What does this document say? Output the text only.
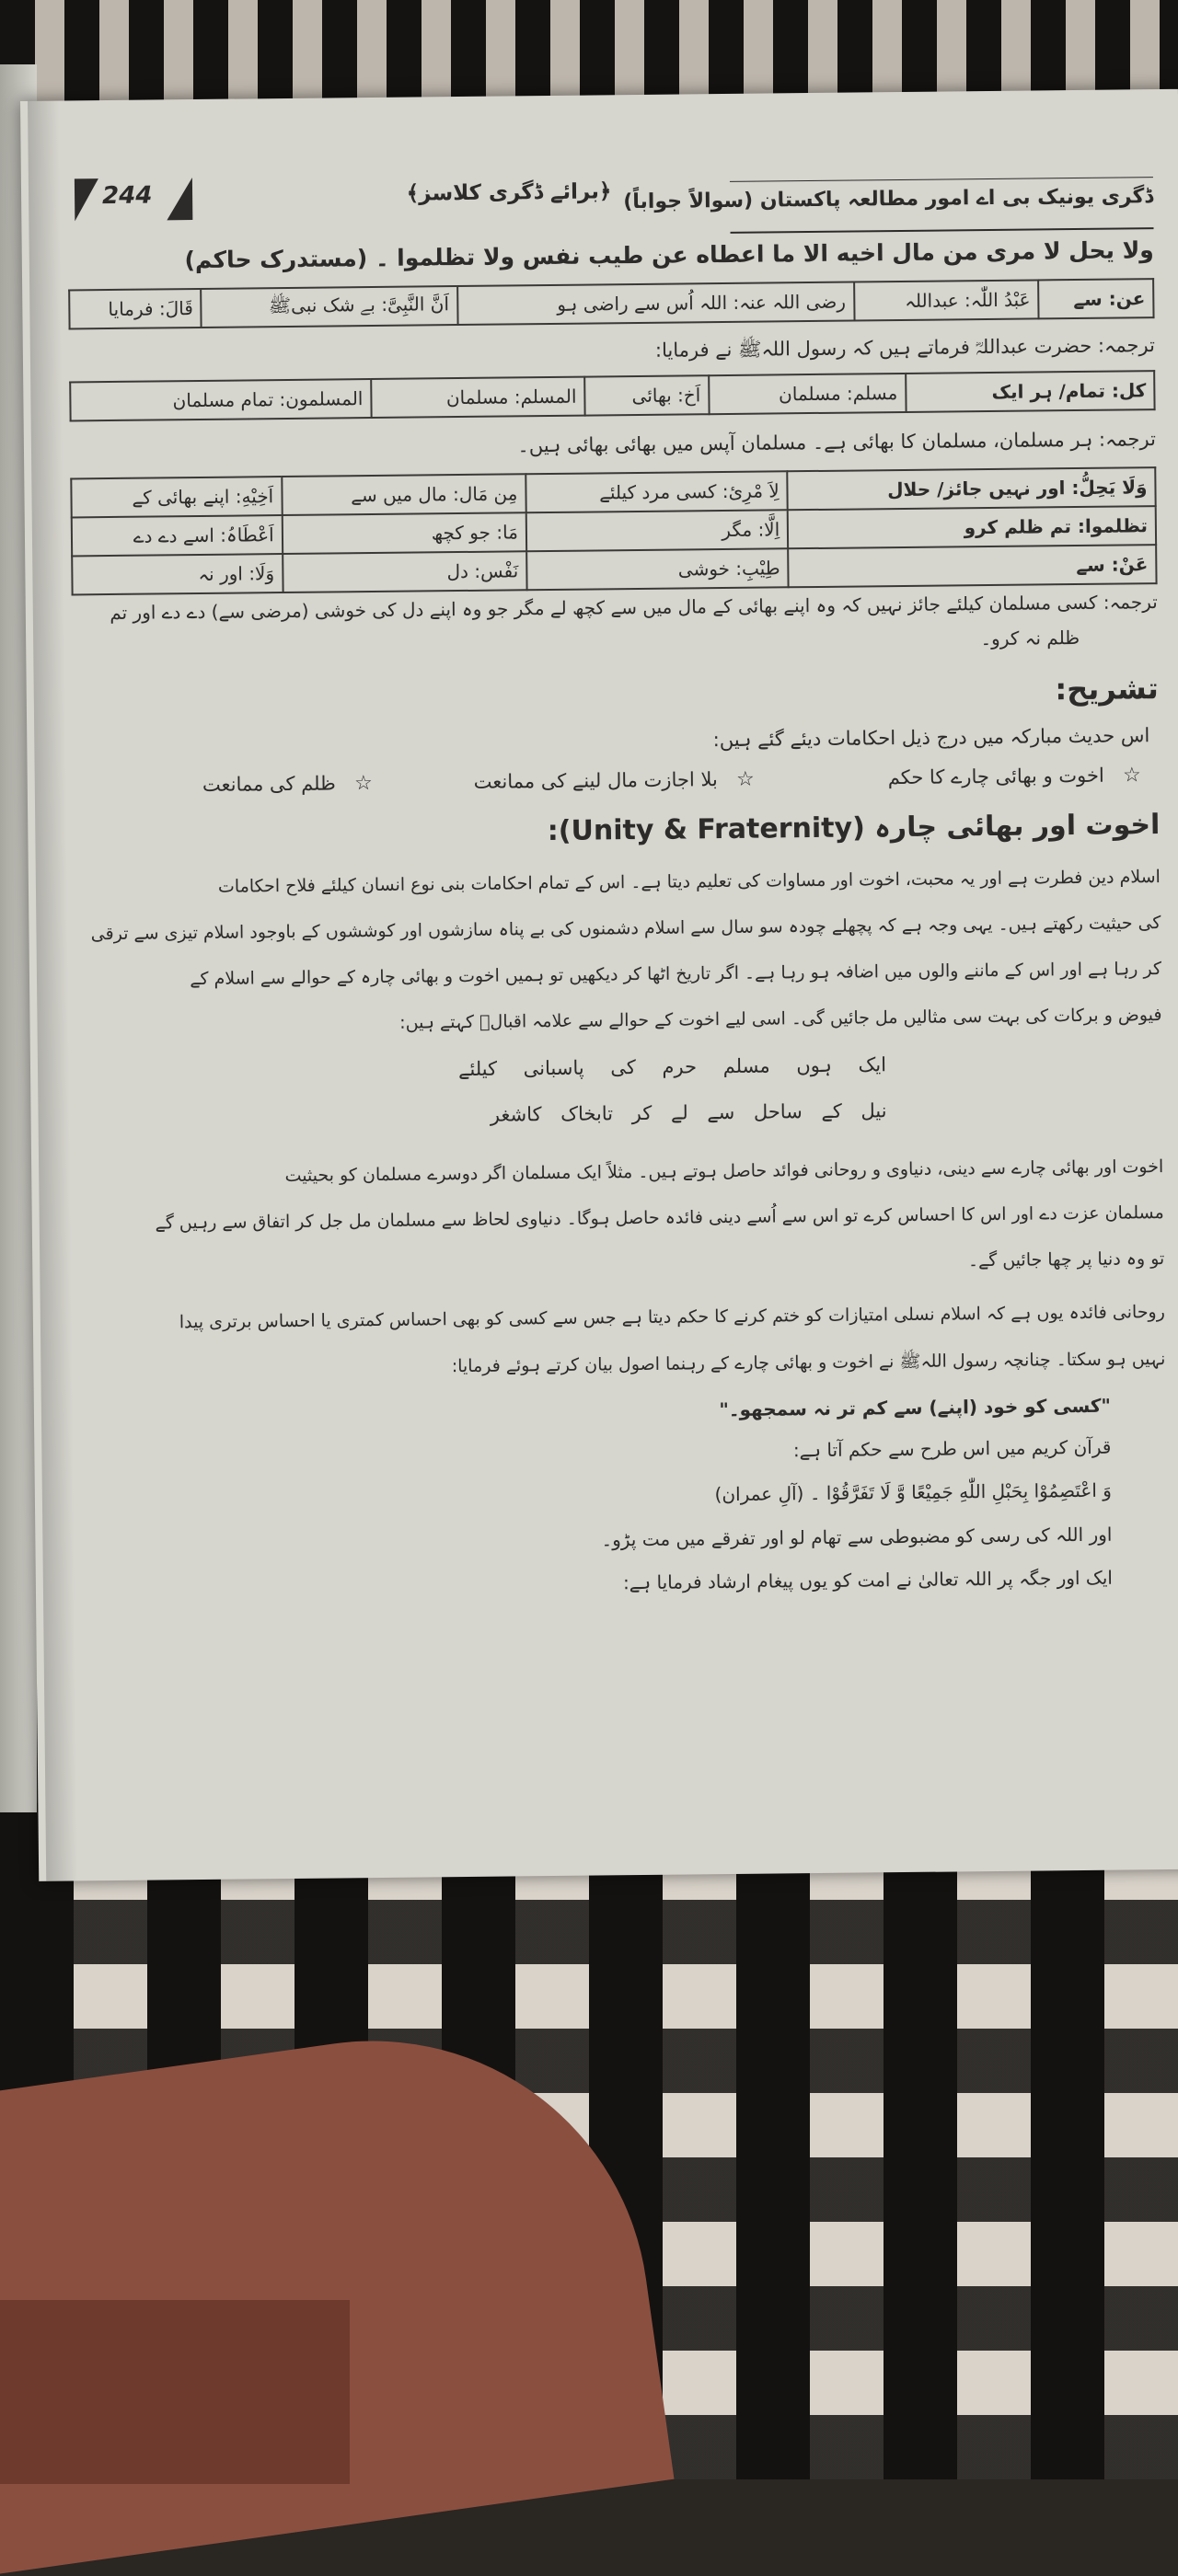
244	﴿برائے ڈگری کلاسز﴾ ڈگری یونیک بی اے امور مطالعہ پاکستان (سوالاً جواباً)
ولا یحل لا مری من مال اخیه الا ما اعطاه عن طیب نفس ولا تظلموا ۔ (مستدرک حاکم)
عن: سے	عَبْدُ اللّٰہ: عبداللہ	رضی اللہ عنہ: اللہ اُس سے راضی ہو	اَنَّ النَّبِیَّ: بے شک نبیﷺ	قَالَ: فرمایا
ترجمہ: حضرت عبداللہؓ فرماتے ہیں کہ رسول اللہﷺ نے فرمایا:
کل: تمام/ ہر ایک	مسلم: مسلمان	اَخ: بھائی	المسلم: مسلمان	المسلمون: تمام مسلمان
ترجمہ: ہر مسلمان، مسلمان کا بھائی ہے۔ مسلمان آپس میں بھائی بھائی ہیں۔
وَلَا یَحِلُّ: اور نہیں جائز/ حلال	لِاَ مْرِئ: کسی مرد کیلئے	مِن مَال: مال میں سے	اَخِیْهِ: اپنے بھائی کے
تظلموا: تم ظلم کرو	اِلَّا: مگر	مَا: جو کچھ	اَعْطَاہُ: اسے دے دے
عَنْ: سے	طِیْبِ: خوشی	نَفْس: دل	وَلَا: اور نہ
ترجمہ: کسی مسلمان کیلئے جائز نہیں کہ وہ اپنے بھائی کے مال میں سے کچھ لے مگر جو وہ اپنے دل کی خوشی (مرضی سے) دے دے اور تم
ظلم نہ کرو۔
تشریح:
اس حدیث مبارکہ میں درج ذیل احکامات دیئے گئے ہیں:
☆
اخوت و بھائی چارے کا حکم
☆
بلا اجازت مال لینے کی ممانعت
☆
ظلم کی ممانعت
اخوت اور بھائی چارہ (Unity & Fraternity):
اسلام دین فطرت ہے اور یہ محبت، اخوت اور مساوات کی تعلیم دیتا ہے۔ اس کے تمام احکامات بنی نوع انسان کیلئے فلاح احکامات
کی حیثیت رکھتے ہیں۔ یہی وجہ ہے کہ پچھلے چودہ سو سال سے اسلام دشمنوں کی بے پناہ سازشوں اور کوششوں کے باوجود اسلام تیزی سے ترقی
کر رہا ہے اور اس کے ماننے والوں میں اضافہ ہو رہا ہے۔ اگر تاریخ اٹھا کر دیکھیں تو ہمیں اخوت و بھائی چارہ کے حوالے سے اسلام کے
فیوض و برکات کی بہت سی مثالیں مل جائیں گی۔ اسی لیے اخوت کے حوالے سے علامہ اقبالؒ کہتے ہیں:
ایک ہوں مسلم حرم کی پاسبانی کیلئے
نیل کے ساحل سے لے کر تابخاک کاشغر
اخوت اور بھائی چارے سے دینی، دنیاوی و روحانی فوائد حاصل ہوتے ہیں۔ مثلاً ایک مسلمان اگر دوسرے مسلمان کو بحیثیت
مسلمان عزت دے اور اس کا احساس کرے تو اس سے اُسے دینی فائدہ حاصل ہوگا۔ دنیاوی لحاظ سے مسلمان مل جل کر اتفاق سے رہیں گے
تو وہ دنیا پر چھا جائیں گے۔
روحانی فائدہ یوں ہے کہ اسلام نسلی امتیازات کو ختم کرنے کا حکم دیتا ہے جس سے کسی کو بھی احساس کمتری یا احساس برتری پیدا
نہیں ہو سکتا۔ چنانچہ رسول اللہﷺ نے اخوت و بھائی چارے کے رہنما اصول بیان کرتے ہوئے فرمایا:
"کسی کو خود (اپنے) سے کم تر نہ سمجھو۔"
قرآن کریم میں اس طرح سے حکم آتا ہے:
وَ اعْتَصِمُوْا بِحَبْلِ اللّٰهِ جَمِیْعًا وَّ لَا تَفَرَّقُوْا ۔ (آلِ عمران)
اور اللہ کی رسی کو مضبوطی سے تھام لو اور تفرقے میں مت پڑو۔
ایک اور جگہ پر اللہ تعالیٰ نے امت کو یوں پیغام ارشاد فرمایا ہے:
